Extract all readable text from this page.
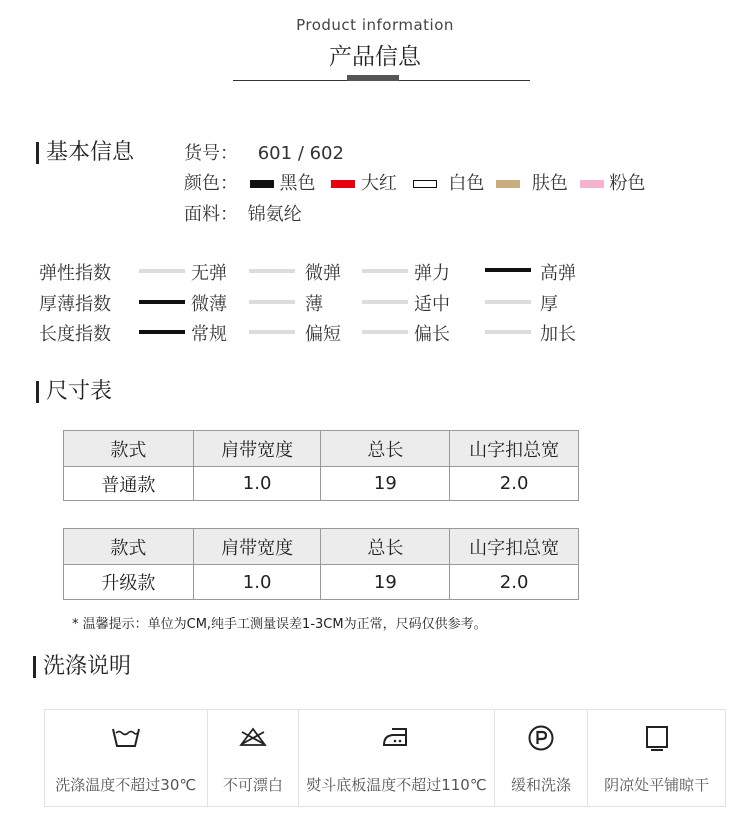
Product information
产品信息
基本信息	货号： 601 / 602
颜色： 黑色	大红	白色	肤色 粉色
面料： 锦氨纶
弹性指数	无弹	微弹	弹力	高弹
厚薄指数	微薄	薄	适中	厚
长度指数	常规	偏短	偏长	加长
尺寸表
款式	肩带宽度	总长	山字扣总宽
普通款	1.0	19	2.0
款式	肩带宽度	总长	山字扣总宽
升级款	1.0	19	2.0
* 温馨提示：单位为CM,纯手工测量误差1-3CM为正常，尺码仅供参考。
洗涤说明
洗涤温度不超过30℃	不可漂白	熨斗底板温度不超过110℃	缓和洗涤	阴凉处平铺晾干
